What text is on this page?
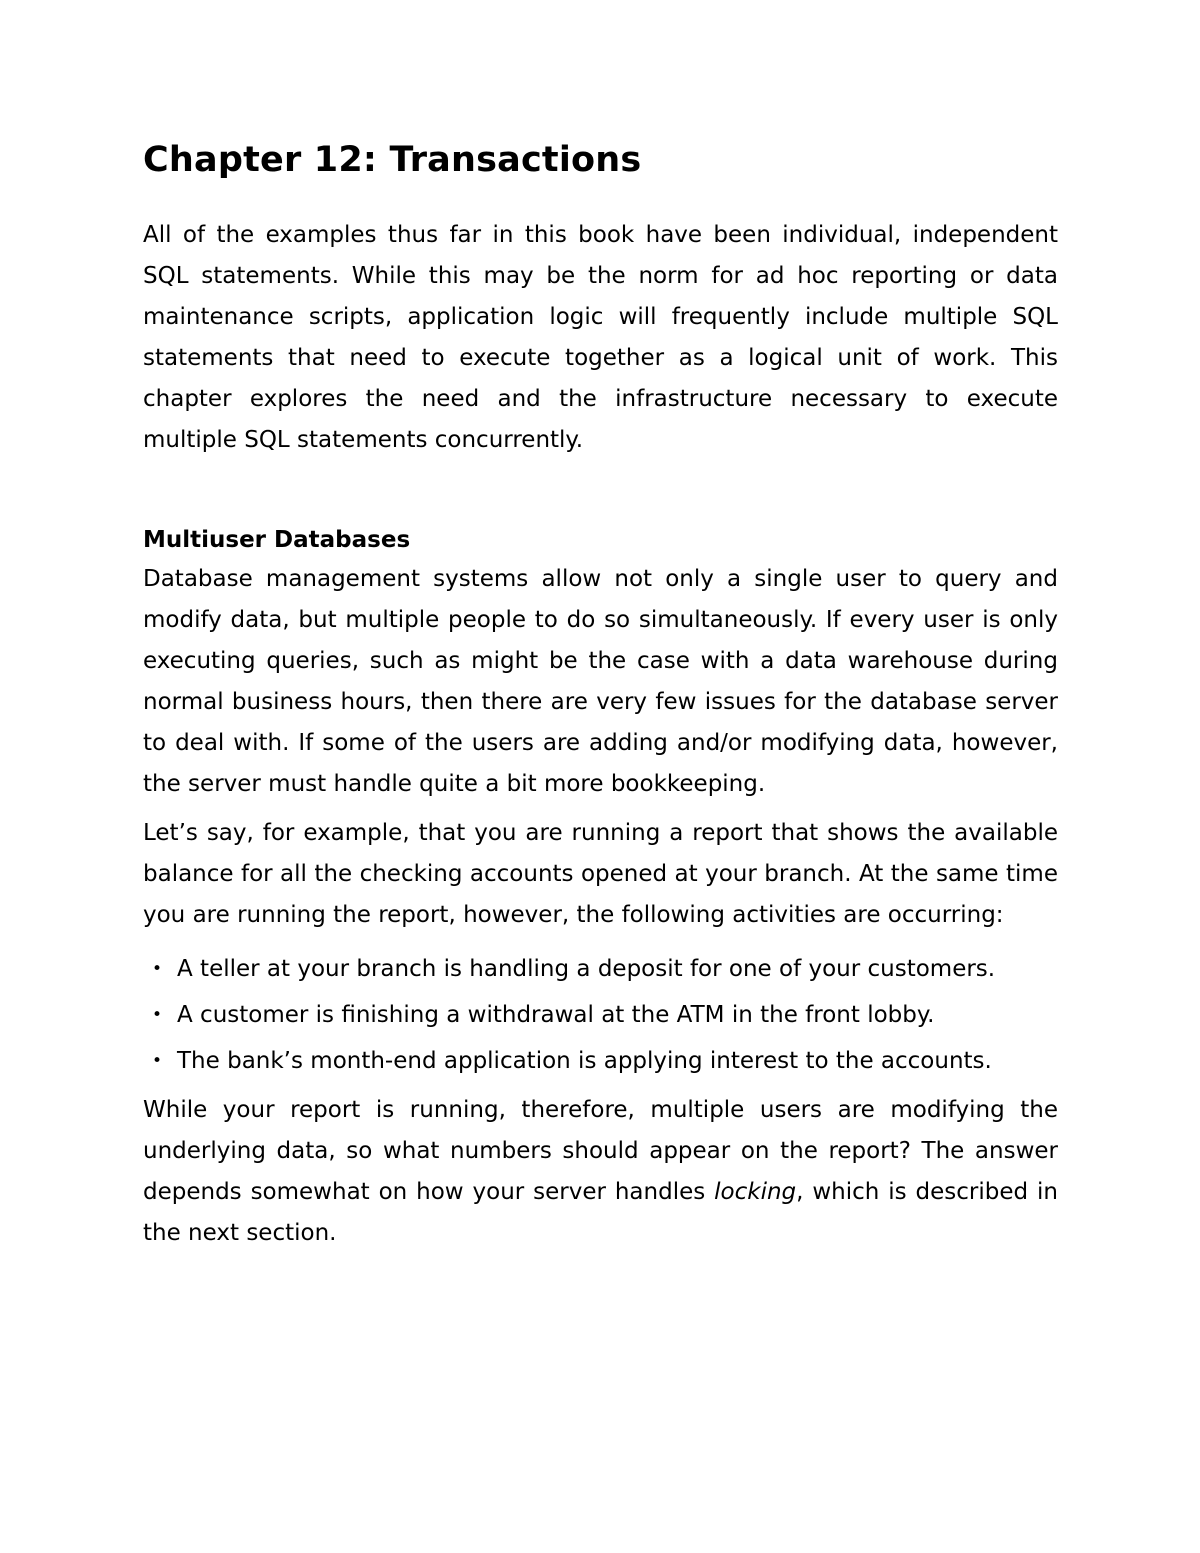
Chapter 12: Transactions

All of the examples thus far in this book have been individual, independent SQL statements. While this may be the norm for ad hoc reporting or data maintenance scripts, application logic will frequently include multiple SQL statements that need to execute together as a logical unit of work. This chapter explores the need and the infrastructure necessary to execute multiple SQL statements concurrently.

Multiuser Databases

Database management systems allow not only a single user to query and modify data, but multiple people to do so simultaneously. If every user is only executing queries, such as might be the case with a data warehouse during normal business hours, then there are very few issues for the database server to deal with. If some of the users are adding and/or modifying data, however, the server must handle quite a bit more bookkeeping.

Let’s say, for example, that you are running a report that shows the available balance for all the checking accounts opened at your branch. At the same time you are running the report, however, the following activities are occurring:

• A teller at your branch is handling a deposit for one of your customers.
• A customer is finishing a withdrawal at the ATM in the front lobby.
• The bank’s month-end application is applying interest to the accounts.

While your report is running, therefore, multiple users are modifying the underlying data, so what numbers should appear on the report? The answer depends somewhat on how your server handles locking, which is described in the next section.
